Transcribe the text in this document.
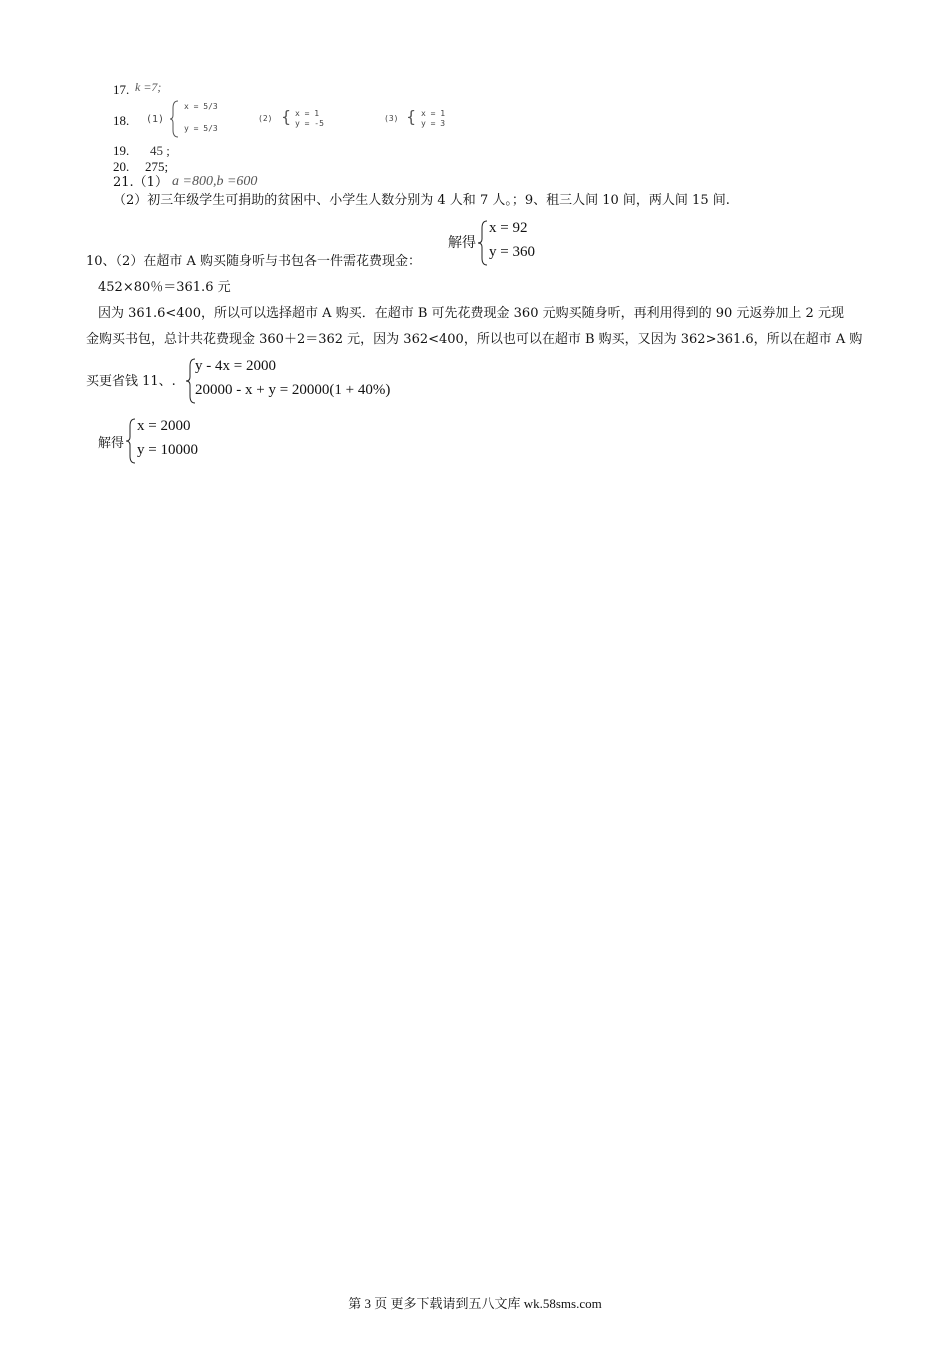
17. k =7;
18. (1)
x = 5/3
y = 5/3
(2) { x = 1
y = -5
(3) { x = 1
y = 3
19. 45 ;
20. 275;
21.（1） a =800,b =600
（2）初三年级学生可捐助的贫困中、小学生人数分别为 4 人和 7 人。；9、租三人间 10 间，两人间 15 间.
解得
x = 92
y = 360
10、（2）在超市 A 购买随身听与书包各一件需花费现金：
452×80％＝361.6 元
因为 361.6<400，所以可以选择超市 A 购买．在超市 B 可先花费现金 360 元购买随身听，再利用得到的 90 元返券加上 2 元现
金购买书包，总计共花费现金 360＋2＝362 元，因为 362<400，所以也可以在超市 B 购买，又因为 362>361.6，所以在超市 A 购
买更省钱 11、.
y - 4x = 2000
20000 - x + y = 20000(1 + 40%)
解得
x = 2000
y = 10000
第 3 页 更多下载请到五八文库 wk.58sms.com
